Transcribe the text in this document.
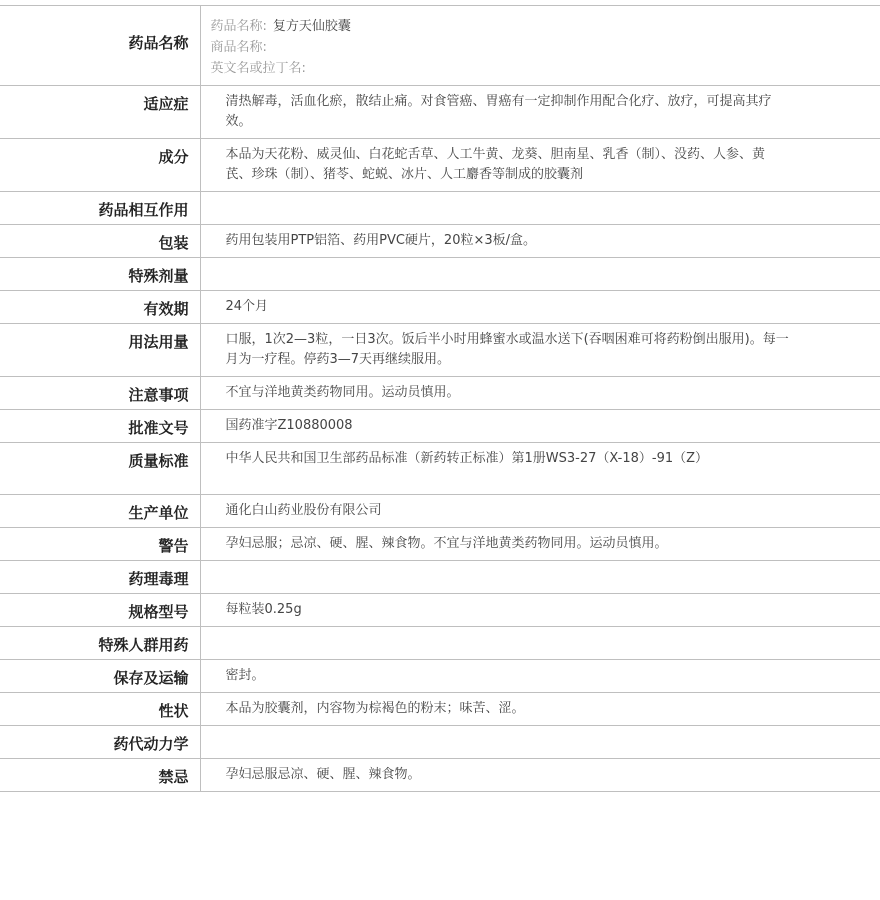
药品名称	药品名称: 复方天仙胶囊
商品名称:
英文名或拉丁名:

适应症	清热解毒，活血化瘀，散结止痛。对食管癌、胃癌有一定抑制作用配合化疗、放疗，可提高其疗效。

成分	本品为天花粉、威灵仙、白花蛇舌草、人工牛黄、龙葵、胆南星、乳香（制）、没药、人参、黄芪、珍珠（制）、猪苓、蛇蜕、冰片、人工麝香等制成的胶囊剂

药品相互作用	

包装	药用包装用PTP铝箔、药用PVC硬片，20粒×3板/盒。

特殊剂量	

有效期	24个月

用法用量	口服，1次2—3粒，一日3次。饭后半小时用蜂蜜水或温水送下(吞咽困难可将药粉倒出服用)。每一月为一疗程。停药3—7天再继续服用。

注意事项	不宜与洋地黄类药物同用。运动员慎用。

批准文号	国药准字Z10880008

质量标准	中华人民共和国卫生部药品标准（新药转正标准）第1册WS3-27（X-18）-91（Z）

生产单位	通化白山药业股份有限公司

警告	孕妇忌服；忌凉、硬、腥、辣食物。不宜与洋地黄类药物同用。运动员慎用。

药理毒理	

规格型号	每粒装0.25g

特殊人群用药	

保存及运输	密封。

性状	本品为胶囊剂，内容物为棕褐色的粉末；味苦、涩。

药代动力学	

禁忌	孕妇忌服忌凉、硬、腥、辣食物。
